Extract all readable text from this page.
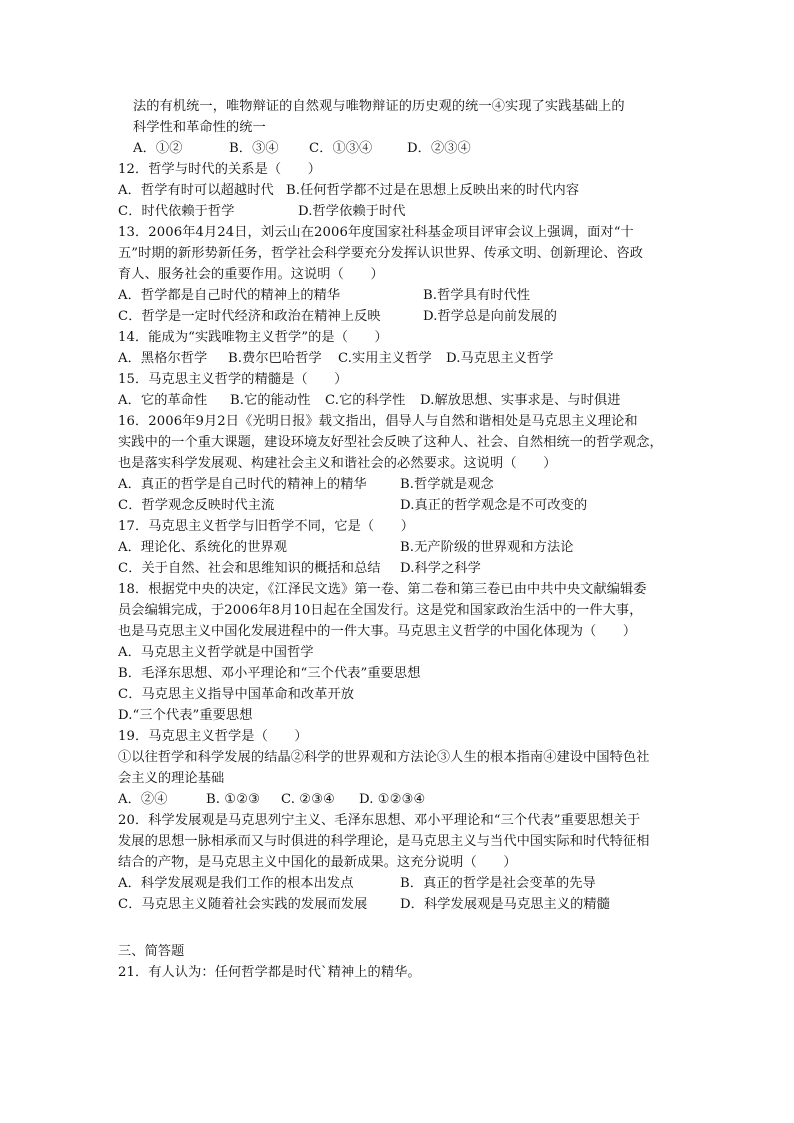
法的有机统一，唯物辩证的自然观与唯物辩证的历史观的统一④实现了实践基础上的
科学性和革命性的统一
A．①②	B．③④ C．①③④	D．②③④
12．哲学与时代的关系是（　　）
A．哲学有时可以超越时代 B.任何哲学都不过是在思想上反映出来的时代内容
C．时代依赖于哲学	D.哲学依赖于时代
13．2006年4月24日，刘云山在2006年度国家社科基金项目评审会议上强调，面对“十
五”时期的新形势新任务，哲学社会科学要充分发挥认识世界、传承文明、创新理论、咨政
育人、服务社会的重要作用。这说明（　　）
A．哲学都是自己时代的精神上的精华	B.哲学具有时代性
C．哲学是一定时代经济和政治在精神上反映	D.哲学总是向前发展的
14．能成为“实践唯物主义哲学”的是（　　）
A．黑格尔哲学 B.费尔巴哈哲学 C.实用主义哲学 D.马克思主义哲学
15．马克思主义哲学的精髓是（　　）
A．它的革命性 B.它的能动性 C.它的科学性 D.解放思想、实事求是、与时俱进
16．2006年9月2日《光明日报》载文指出，倡导人与自然和谐相处是马克思主义理论和
实践中的一个重大课题，建设环境友好型社会反映了这种人、社会、自然相统一的哲学观念，
也是落实科学发展观、构建社会主义和谐社会的必然要求。这说明（　　）
A．真正的哲学是自己时代的精神上的精华	B.哲学就是观念
C．哲学观念反映时代主流	D.真正的哲学观念是不可改变的
17．马克思主义哲学与旧哲学不同，它是（　　）
A．理论化、系统化的世界观	B.无产阶级的世界观和方法论
C．关于自然、社会和思维知识的概括和总结 D.科学之科学
18．根据党中央的决定，《江泽民文选》第一卷、第二卷和第三卷已由中共中央文献编辑委
员会编辑完成，于2006年8月10日起在全国发行。这是党和国家政治生活中的一件大事，
也是马克思主义中国化发展进程中的一件大事。马克思主义哲学的中国化体现为（　　）
A．马克思主义哲学就是中国哲学
B．毛泽东思想、邓小平理论和“三个代表”重要思想
C．马克思主义指导中国革命和改革开放
D.“三个代表”重要思想
19．马克思主义哲学是（　　）
①以往哲学和科学发展的结晶②科学的世界观和方法论③人生的根本指南④建设中国特色社
会主义的理论基础
A．②④	B. ①②③ C. ②③④ D. ①②③④
20．科学发展观是马克思列宁主义、毛泽东思想、邓小平理论和“三个代表”重要思想关于
发展的思想一脉相承而又与时俱进的科学理论，是马克思主义与当代中国实际和时代特征相
结合的产物，是马克思主义中国化的最新成果。这充分说明（　　）
A．科学发展观是我们工作的根本出发点	B．真正的哲学是社会变革的先导
C．马克思主义随着社会实践的发展而发展 D．科学发展观是马克思主义的精髓
三、简答题
21．有人认为：任何哲学都是时代`精神上的精华。
